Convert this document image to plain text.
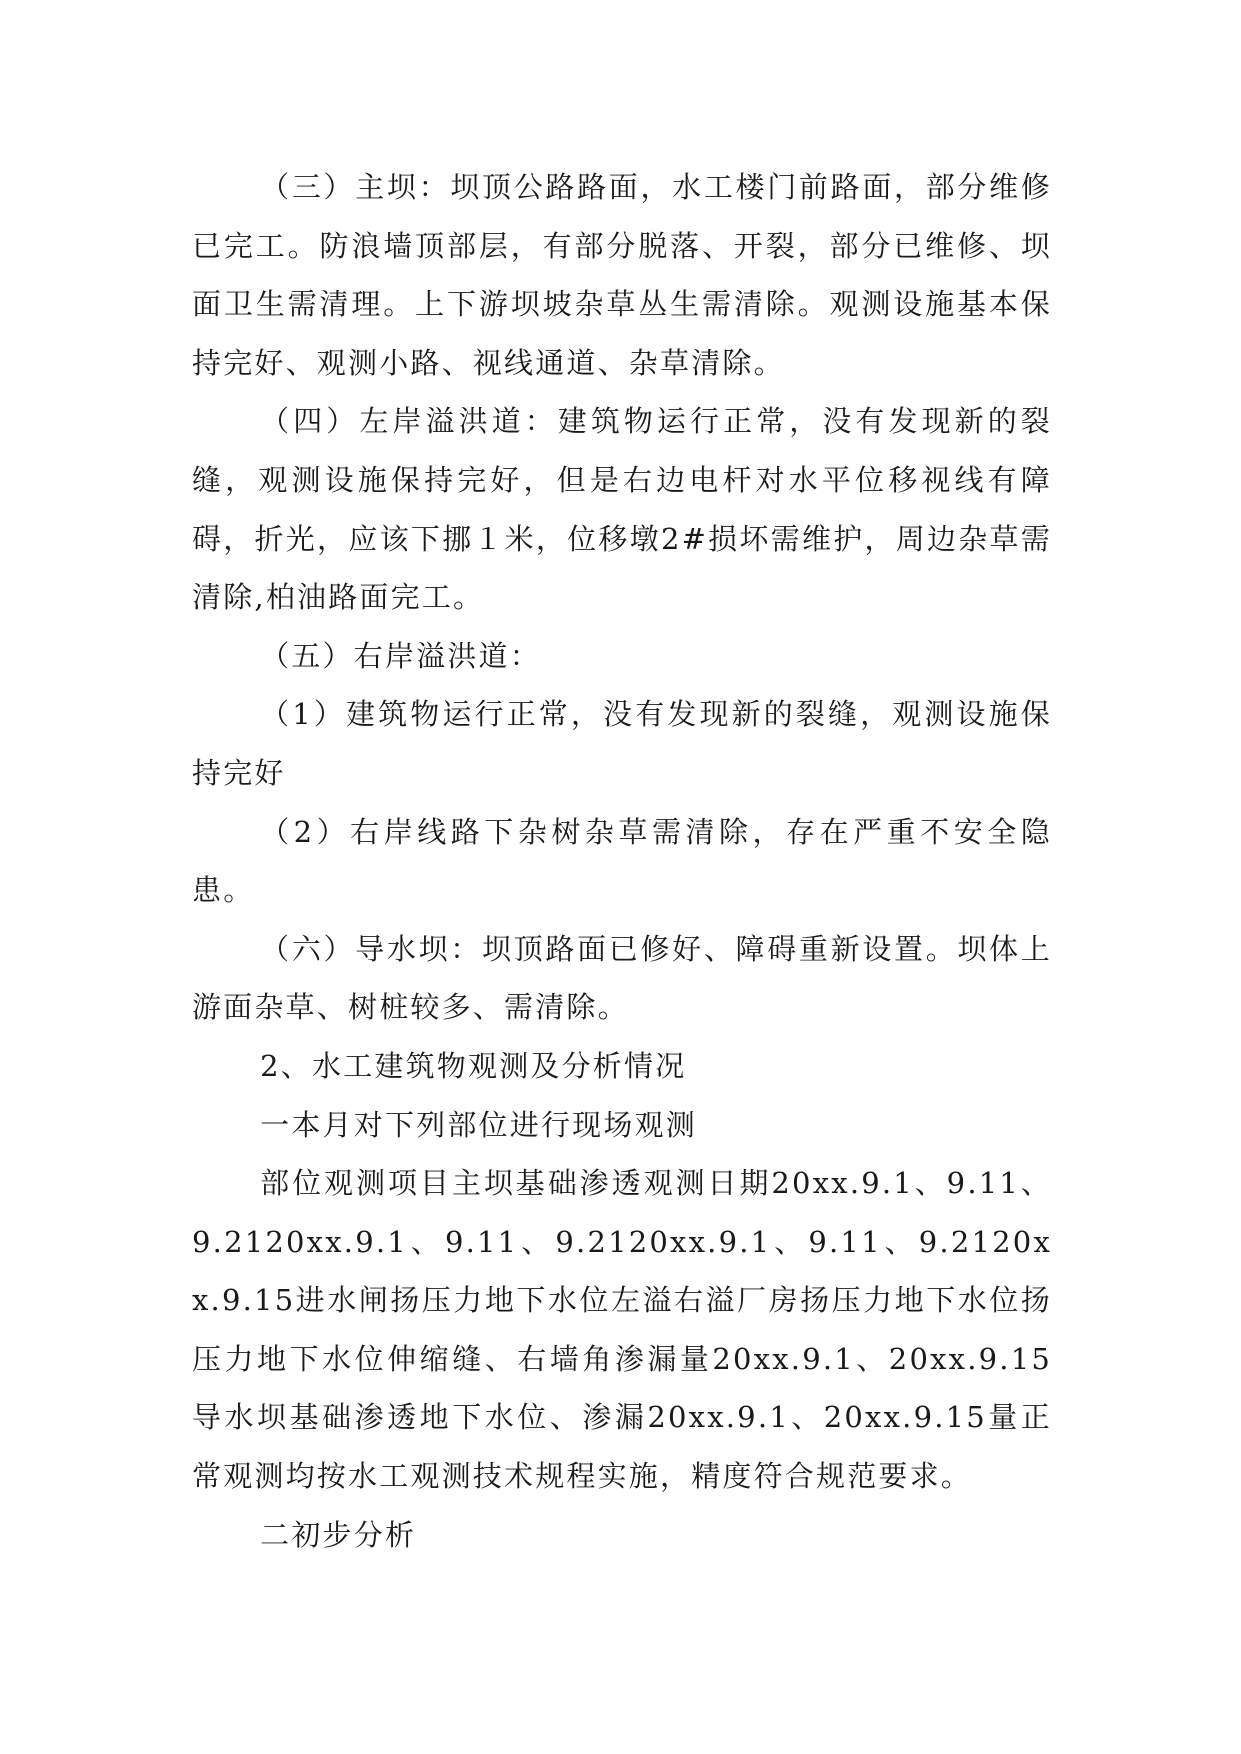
（三）主坝：坝顶公路路面，水工楼门前路面，部分维修已完工。防浪墙顶部层，有部分脱落、开裂，部分已维修、坝面卫生需清理。上下游坝坡杂草丛生需清除。观测设施基本保持完好、观测小路、视线通道、杂草清除。

（四）左岸溢洪道：建筑物运行正常，没有发现新的裂缝，观测设施保持完好，但是右边电杆对水平位移视线有障碍，折光，应该下挪１米，位移墩2#损坏需维护，周边杂草需清除,柏油路面完工。

（五）右岸溢洪道：

（1）建筑物运行正常，没有发现新的裂缝，观测设施保持完好

（2）右岸线路下杂树杂草需清除，存在严重不安全隐患。

（六）导水坝：坝顶路面已修好、障碍重新设置。坝体上游面杂草、树桩较多、需清除。

2、水工建筑物观测及分析情况

一本月对下列部位进行现场观测

部位观测项目主坝基础渗透观测日期20xx.9.1、9.11、9.2120xx.9.1、9.11、9.2120xx.9.1、9.11、9.2120xx.9.15进水闸扬压力地下水位左溢右溢厂房扬压力地下水位扬压力地下水位伸缩缝、右墙角渗漏量20xx.9.1、20xx.9.15导水坝基础渗透地下水位、渗漏20xx.9.1、20xx.9.15量正常观测均按水工观测技术规程实施，精度符合规范要求。

二初步分析
